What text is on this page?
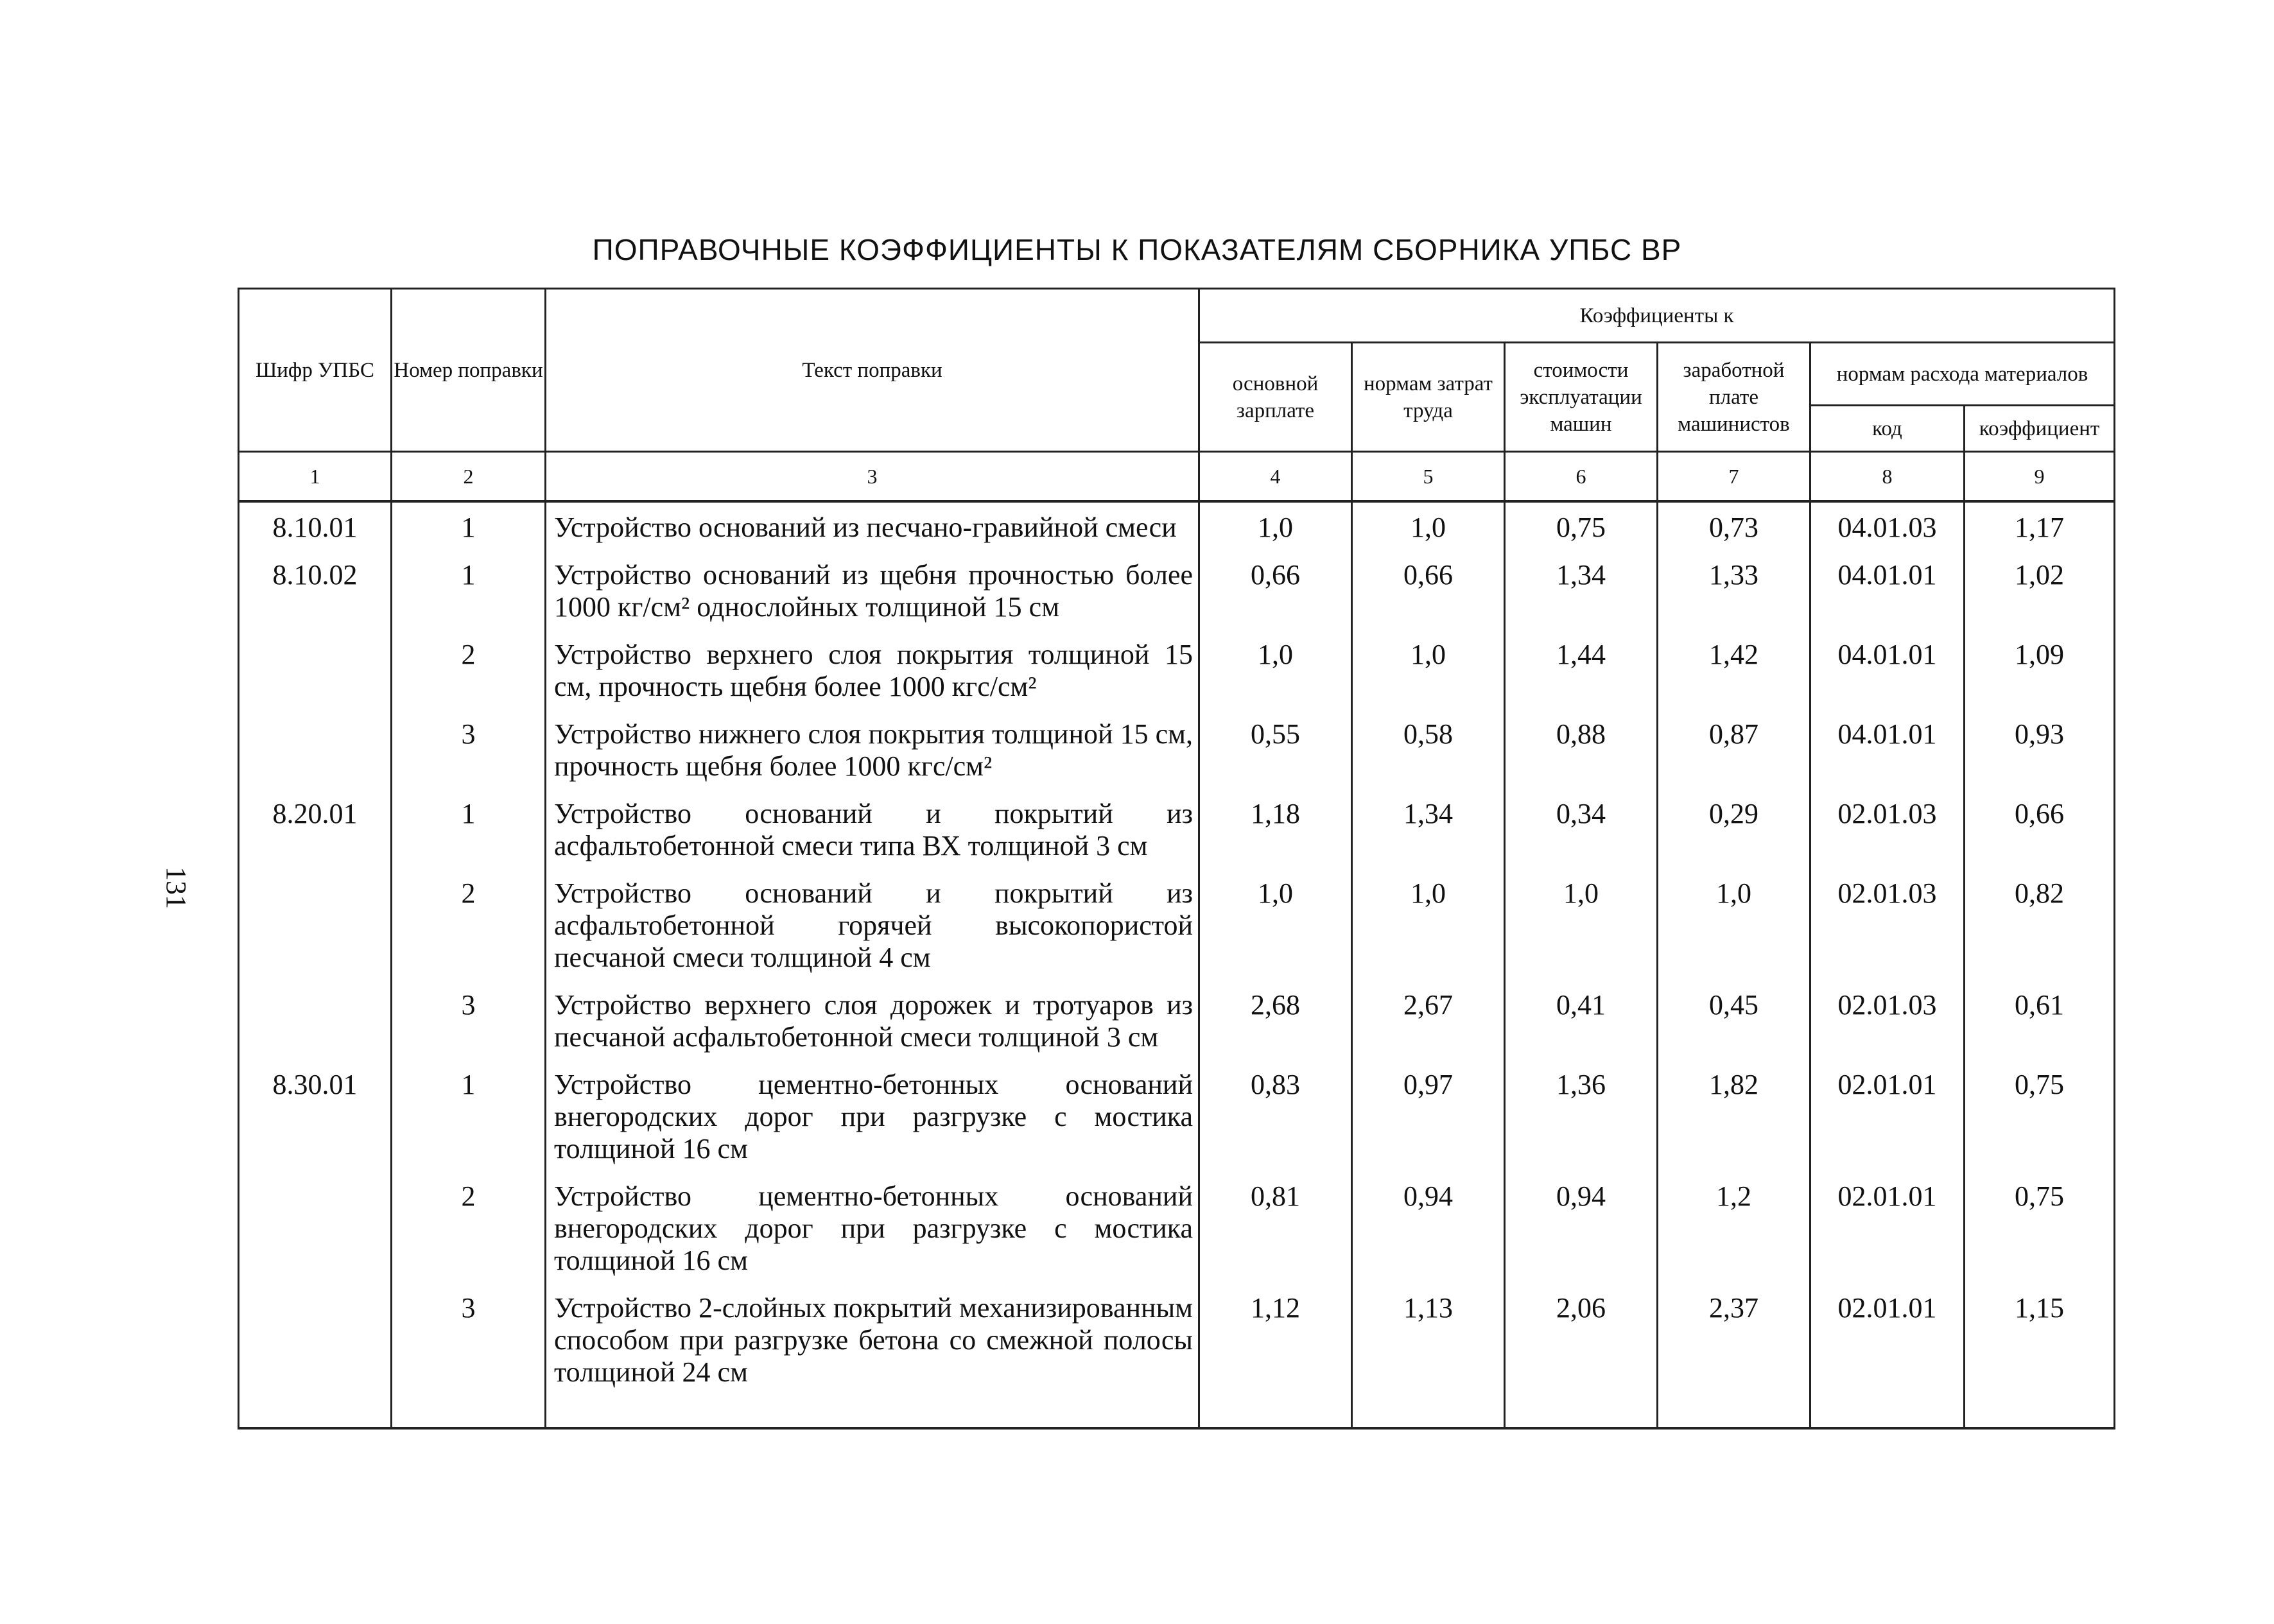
ПОПРАВОЧНЫЕ КОЭФФИЦИЕНТЫ К ПОКАЗАТЕЛЯМ СБОРНИКА УПБС ВР
131
Шифр УПБС	Номер поправки	Текст поправки	Коэффициенты к					
			основной зарплате	нормам затрат труда	стоимости эксплуатации машин	заработной плате машинистов	нормам расхода материалов	
							код	коэффициент
1	2	3	4	5	6	7	8	9
8.10.01	1	Устройство оснований из песчано-гравийной смеси	1,0	1,0	0,75	0,73	04.01.03	1,17
8.10.02	1	Устройство оснований из щебня прочностью более 1000 кг/см² однослойных толщиной 15 см	0,66	0,66	1,34	1,33	04.01.01	1,02
	2	Устройство верхнего слоя покрытия толщиной 15 см, прочность щебня более 1000 кгс/см²	1,0	1,0	1,44	1,42	04.01.01	1,09
	3	Устройство нижнего слоя покрытия толщиной 15 см, прочность щебня более 1000 кгс/см²	0,55	0,58	0,88	0,87	04.01.01	0,93
8.20.01	1	Устройство оснований и покрытий из асфальтобетонной смеси типа ВХ толщиной 3 см	1,18	1,34	0,34	0,29	02.01.03	0,66
	2	Устройство оснований и покрытий из асфальтобетонной горячей высокопористой песчаной смеси толщиной 4 см	1,0	1,0	1,0	1,0	02.01.03	0,82
	3	Устройство верхнего слоя дорожек и тротуаров из песчаной асфальтобетонной смеси толщиной 3 см	2,68	2,67	0,41	0,45	02.01.03	0,61
8.30.01	1	Устройство цементно-бетонных оснований внегородских дорог при разгрузке с мостика толщиной 16 см	0,83	0,97	1,36	1,82	02.01.01	0,75
	2	Устройство цементно-бетонных оснований внегородских дорог при разгрузке с мостика толщиной 16 см	0,81	0,94	0,94	1,2	02.01.01	0,75
	3	Устройство 2-слойных покрытий механизированным способом при разгрузке бетона со смежной полосы толщиной 24 см	1,12	1,13	2,06	2,37	02.01.01	1,15
